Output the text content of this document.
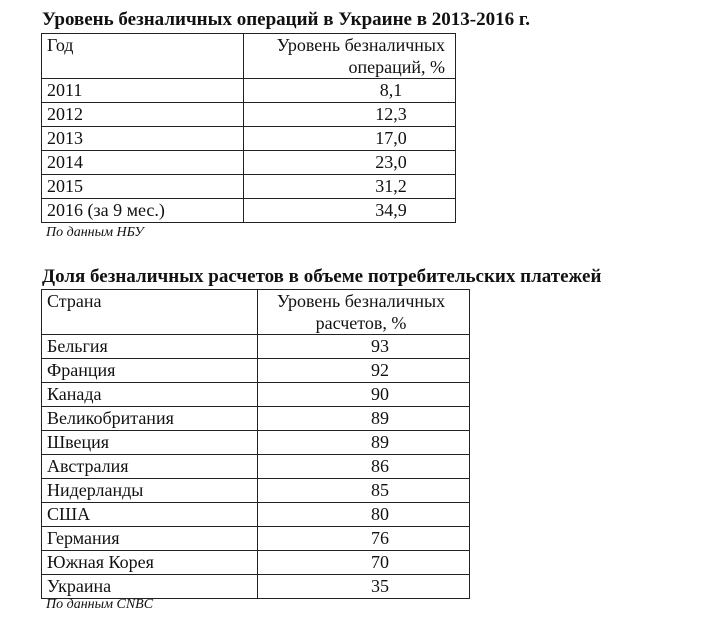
Уровень безналичных операций в Украине в 2013-2016 г.
Год	Уровень безналичных
операций, %

2011	8,1
2012	12,3
2013	17,0
2014	23,0
2015	31,2
2016 (за 9 мес.)	34,9
По данным НБУ
Доля безналичных расчетов в объеме потребительских платежей
Страна	Уровень безналичных
расчетов, %

Бельгия	93
Франция	92
Канада	90
Великобритания	89
Швеция	89
Австралия	86
Нидерланды	85
США	80
Германия	76
Южная Корея	70
Украина	35
По данным CNBC
